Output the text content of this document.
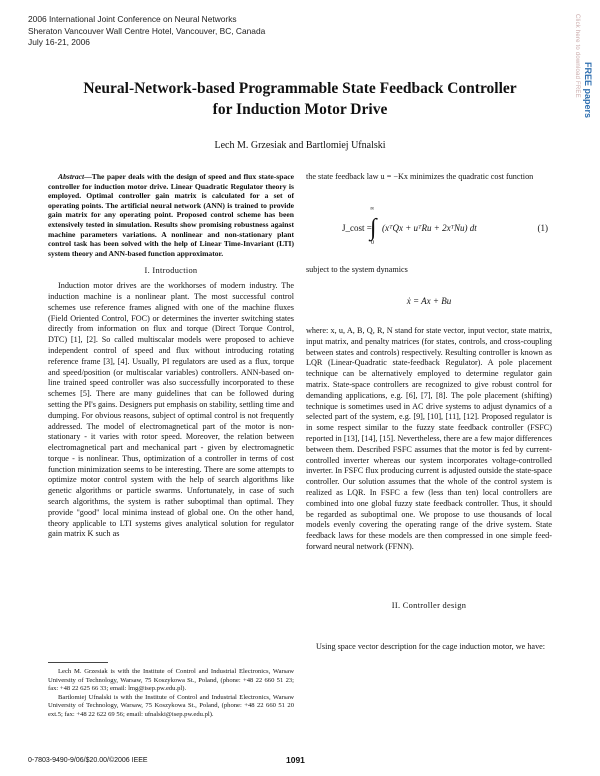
2006 International Joint Conference on Neural Networks
Sheraton Vancouver Wall Centre Hotel, Vancouver, BC, Canada
July 16-21, 2006	Click here to download FREE FREE papers
Neural-Network-based Programmable State Feedback Controller
for Induction Motor Drive
Lech M. Grzesiak and Bartlomiej Ufnalski

Abstract—The paper deals with the design of speed and flux state-space controller for induction motor drive. Linear Quadratic Regulator theory is employed. Optimal controller gain matrix is calculated for a set of operating points. The artificial neural network (ANN) is trained to provide gain matrix for any operating point. Proposed control scheme has been extensively tested in simulation. Results show promising robustness against machine parameters variations. A nonlinear and non-stationary plant control task has been solved with the help of Linear Time-Invariant (LTI) system theory and ANN-based function approximator.

I. Introduction

Induction motor drives are the workhorses of modern industry. The induction machine is a nonlinear plant. The most successful control schemes use reference frames aligned with one of the machine fluxes (Field Oriented Control, FOC) or determines the inverter switching states directly from information on flux and torque (Direct Torque Control, DTC) [1], [2]. So called multiscalar models were proposed to achieve independent control of speed and flux without introducing rotating reference frame [3], [4]. Usually, PI regulators are used as a flux, torque and speed/position (or multiscalar variables) controllers. ANN-based on-line trained speed controller was also successfully incorporated to these schemes [5]. There are many guidelines that can be followed during setting the PI's gains. Designers put emphasis on stability, settling time and dumping. For obvious reasons, subject of optimal control is not frequently addressed. The model of electromagnetical part of the motor is non-stationary - it varies with rotor speed. Moreover, the relation between electromagnetical part and mechanical part - given by electromagnetic torque - is nonlinear. Thus, optimization of a controller in terms of cost function minimization seems to be interesting. There are some attempts to optimize motor control system with the help of search algorithms like genetic algorithms or particle swarms. Unfortunately, in case of such search algorithms, the system is rather suboptimal than optimal. They provide "good" local minima instead of global one. On the other hand, theory applicable to LTI systems gives analytical solution for regulator gain matrix K such as

Lech M. Grzesiak is with the Institute of Control and Industrial Electronics, Warsaw University of Technology, Warsaw, 75 Koszykowa St., Poland, (phone: +48 22 660 51 23; fax: +48 22 625 66 33; email: lmg@isep.pw.edu.pl).

Bartlomiej Ufnalski is with the Institute of Control and Industrial Electronics, Warsaw University of Technology, Warsaw, 75 Koszykowa St., Poland, (phone: +48 22 660 51 20 ext.5; fax: +48 22 622 69 56; email: ufnalski@isep.pw.edu.pl).

the state feedback law u = −Kx minimizes the quadratic cost function

J_cost =
∞
∫
0
(xᵀQx + uᵀRu + 2xᵀNu) dt	(1)

subject to the system dynamics

ẋ = Ax + Bu

where: x, u, A, B, Q, R, N stand for state vector, input vector, state matrix, input matrix, and penalty matrices (for states, controls, and cross-coupling between states and controls) respectively. Resulting controller is known as LQR (Linear-Quadratic state-feedback Regulator). A pole placement technique can be alternatively employed to determine regulator gain matrix. State-space controllers are recognized to give robust control for demanding applications, e.g. [6], [7], [8]. The pole placement (shifting) technique is sometimes used in AC drive systems to adjust dynamics of a selected part of the system, e.g. [9], [10], [11], [12]. Proposed regulator is in some respect similar to the fuzzy state feedback controller (FSFC) reported in [13], [14], [15]. Nevertheless, there are a few major differences between them. Described FSFC assumes that the motor is fed by current-controlled inverter whereas our system incorporates voltage-controlled inverter. In FSFC flux producing current is adjusted outside the state-space controller. Our solution assumes that the whole of the control system is realized as LQR. In FSFC a few (less than ten) local controllers are combined into one global fuzzy state feedback controller. Thus, it should be regarded as suboptimal one. We propose to use thousands of local models evenly covering the operating range of the drive system. State feedback laws for these models are then compressed in one simple feed-forward neural network (FFNN).

II. Controller design

Using space vector description for the cage induction motor, we have:

0-7803-9490-9/06/$20.00/©2006 IEEE	1091
